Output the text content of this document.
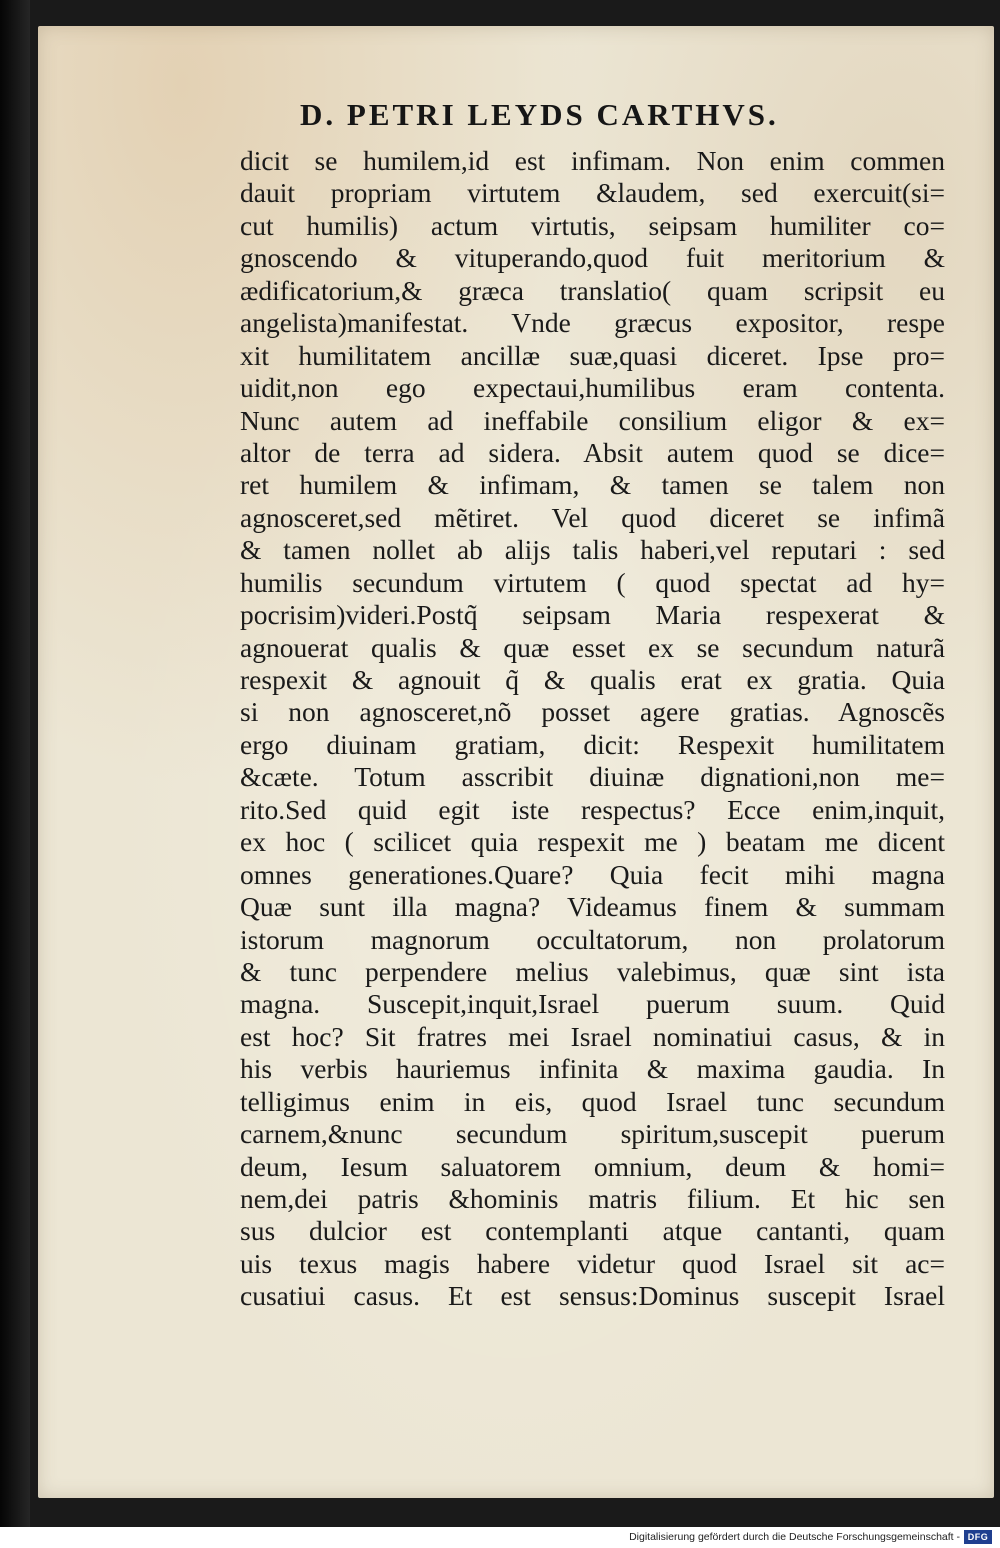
D. PETRI LEYDS CARTHVS.
dicit se humilem,id est infimam. Non enim commen
dauit propriam virtutem &laudem, sed exercuit(si=
cut humilis) actum virtutis, seipsam humiliter co=
gnoscendo & vituperando,quod fuit meritorium &
ædificatorium,& græca translatio( quam scripsit eu
angelista)manifestat. Vnde græcus expositor, respe
xit humilitatem ancillæ suæ,quasi diceret. Ipse pro=
uidit,non ego expectaui,humilibus eram contenta.
Nunc autem ad ineffabile consilium eligor & ex=
altor de terra ad sidera. Absit autem quod se dice=
ret humilem & infimam, & tamen se talem non
agnosceret,sed mẽtiret. Vel quod diceret se infimã
& tamen nollet ab alijs talis haberi,vel reputari : sed
humilis secundum virtutem ( quod spectat ad hy=
pocrisim)videri.Postq̃ seipsam Maria respexerat &
agnouerat qualis & quæ esset ex se secundum naturã
respexit & agnouit q̃ & qualis erat ex gratia. Quia
si non agnosceret,nõ posset agere gratias. Agnoscẽs
ergo diuinam gratiam, dicit: Respexit humilitatem
&cæte. Totum asscribit diuinæ dignationi,non me=
rito.Sed quid egit iste respectus? Ecce enim,inquit,
ex hoc ( scilicet quia respexit me ) beatam me dicent
omnes generationes.Quare? Quia fecit mihi magna
Quæ sunt illa magna? Videamus finem & summam
istorum magnorum occultatorum, non prolatorum
& tunc perpendere melius valebimus, quæ sint ista
magna. Suscepit,inquit,Israel puerum suum. Quid
est hoc? Sit fratres mei Israel nominatiui casus, & in
his verbis hauriemus infinita & maxima gaudia. In
telligimus enim in eis, quod Israel tunc secundum
carnem,&nunc secundum spiritum,suscepit puerum
deum, Iesum saluatorem omnium, deum & homi=
nem,dei patris &hominis matris filium. Et hic sen
sus dulcior est contemplanti atque cantanti, quam
uis texus magis habere videtur quod Israel sit ac=
cusatiui casus. Et est sensus:Dominus suscepit Israel
Digitalisierung gefördert durch die Deutsche Forschungsgemeinschaft - DFG
